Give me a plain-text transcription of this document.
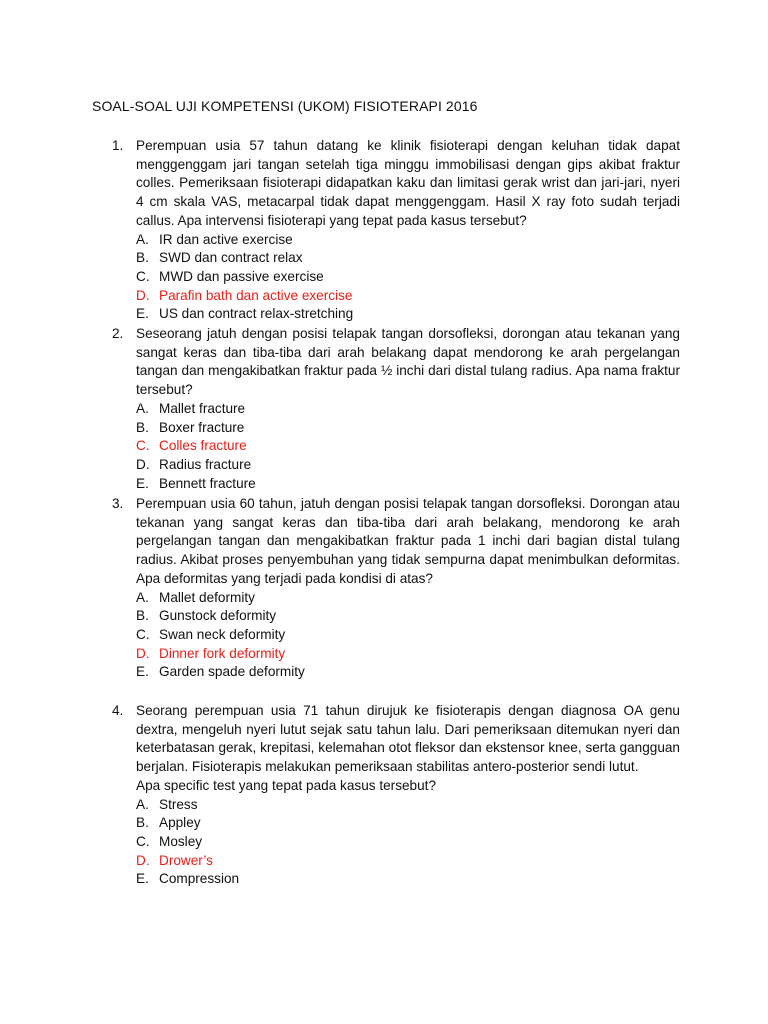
SOAL-SOAL UJI KOMPETENSI (UKOM) FISIOTERAPI 2016
1. Perempuan usia 57 tahun datang ke klinik fisioterapi dengan keluhan tidak dapat menggenggam jari tangan setelah tiga minggu immobilisasi dengan gips akibat fraktur colles. Pemeriksaan fisioterapi didapatkan kaku dan limitasi gerak wrist dan jari-jari, nyeri 4 cm skala VAS, metacarpal tidak dapat menggenggam. Hasil X ray foto sudah terjadi callus. Apa intervensi fisioterapi yang tepat pada kasus tersebut?

A. IR dan active exercise
B. SWD dan contract relax
C. MWD dan passive exercise
D. Parafin bath dan active exercise
E. US dan contract relax-stretching
2. Seseorang jatuh dengan posisi telapak tangan dorsofleksi, dorongan atau tekanan yang sangat keras dan tiba-tiba dari arah belakang dapat mendorong ke arah pergelangan tangan dan mengakibatkan fraktur pada ½ inchi dari distal tulang radius. Apa nama fraktur tersebut?

A. Mallet fracture
B. Boxer fracture
C. Colles fracture
D. Radius fracture
E. Bennett fracture
3. Perempuan usia 60 tahun, jatuh dengan posisi telapak tangan dorsofleksi. Dorongan atau tekanan yang sangat keras dan tiba-tiba dari arah belakang, mendorong ke arah pergelangan tangan dan mengakibatkan fraktur pada 1 inchi dari bagian distal tulang radius. Akibat proses penyembuhan yang tidak sempurna dapat menimbulkan deformitas. Apa deformitas yang terjadi pada kondisi di atas?

A. Mallet deformity
B. Gunstock deformity
C. Swan neck deformity
D. Dinner fork deformity
E. Garden spade deformity
4. Seorang perempuan usia 71 tahun dirujuk ke fisioterapis dengan diagnosa OA genu dextra, mengeluh nyeri lutut sejak satu tahun lalu. Dari pemeriksaan ditemukan nyeri dan keterbatasan gerak, krepitasi, kelemahan otot fleksor dan ekstensor knee, serta gangguan berjalan. Fisioterapis melakukan pemeriksaan stabilitas antero-posterior sendi lutut.

Apa specific test yang tepat pada kasus tersebut?

A. Stress
B. Appley
C. Mosley
D. Drower’s
E. Compression
